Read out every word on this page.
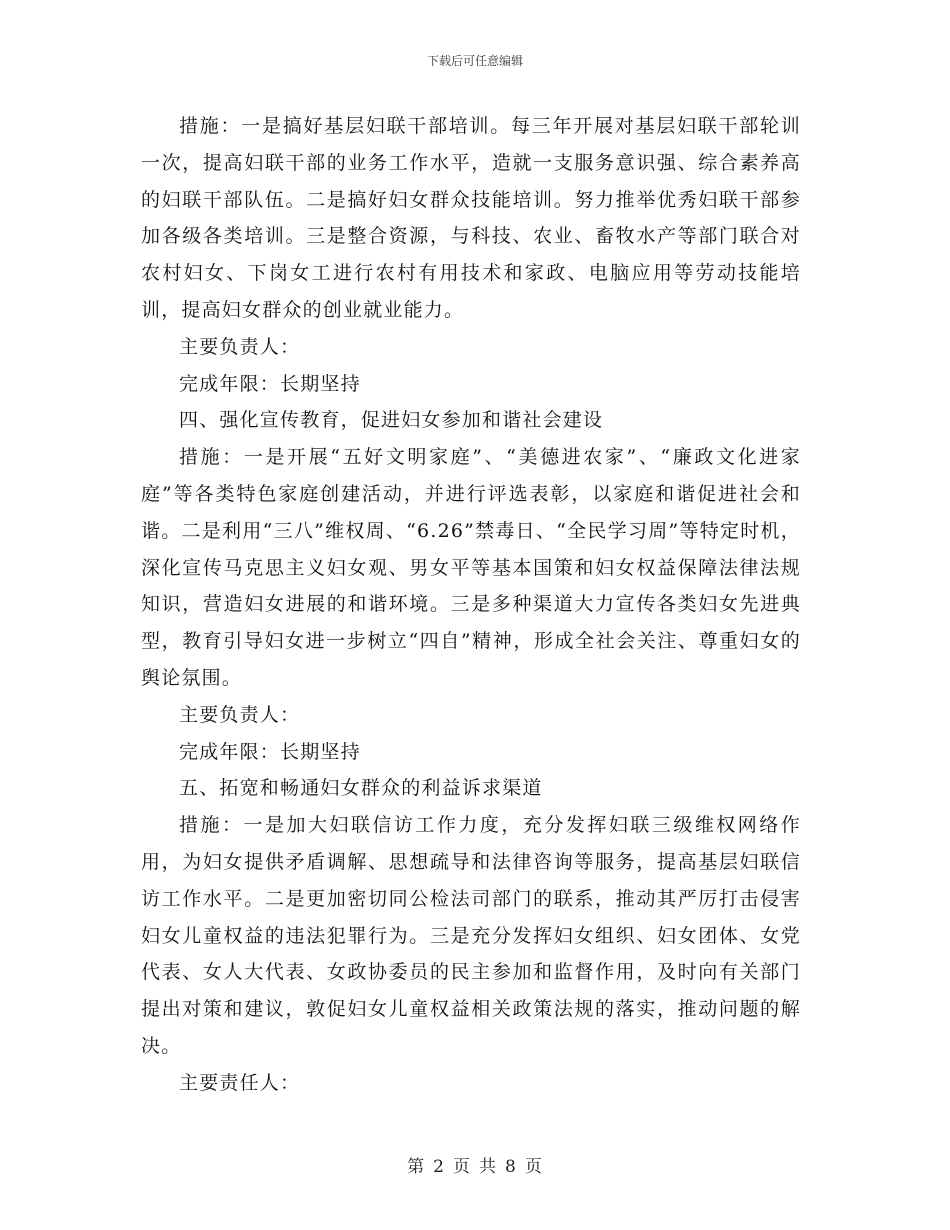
下载后可任意编辑

措施：一是搞好基层妇联干部培训。每三年开展对基层妇联干部轮训一次，提高妇联干部的业务工作水平，造就一支服务意识强、综合素养高的妇联干部队伍。二是搞好妇女群众技能培训。努力推举优秀妇联干部参加各级各类培训。三是整合资源，与科技、农业、畜牧水产等部门联合对农村妇女、下岗女工进行农村有用技术和家政、电脑应用等劳动技能培训，提高妇女群众的创业就业能力。

主要负责人：

完成年限：长期坚持

四、强化宣传教育，促进妇女参加和谐社会建设

措施：一是开展“五好文明家庭”、“美德进农家”、“廉政文化进家庭”等各类特色家庭创建活动，并进行评选表彰，以家庭和谐促进社会和谐。二是利用“三八”维权周、“6.26”禁毒日、“全民学习周”等特定时机，深化宣传马克思主义妇女观、男女平等基本国策和妇女权益保障法律法规知识，营造妇女进展的和谐环境。三是多种渠道大力宣传各类妇女先进典型，教育引导妇女进一步树立“四自”精神，形成全社会关注、尊重妇女的舆论氛围。

主要负责人：

完成年限：长期坚持

五、拓宽和畅通妇女群众的利益诉求渠道

措施：一是加大妇联信访工作力度，充分发挥妇联三级维权网络作用，为妇女提供矛盾调解、思想疏导和法律咨询等服务，提高基层妇联信访工作水平。二是更加密切同公检法司部门的联系，推动其严厉打击侵害妇女儿童权益的违法犯罪行为。三是充分发挥妇女组织、妇女团体、女党代表、女人大代表、女政协委员的民主参加和监督作用，及时向有关部门提出对策和建议，敦促妇女儿童权益相关政策法规的落实，推动问题的解决。

主要责任人：

第 2 页 共 8 页
